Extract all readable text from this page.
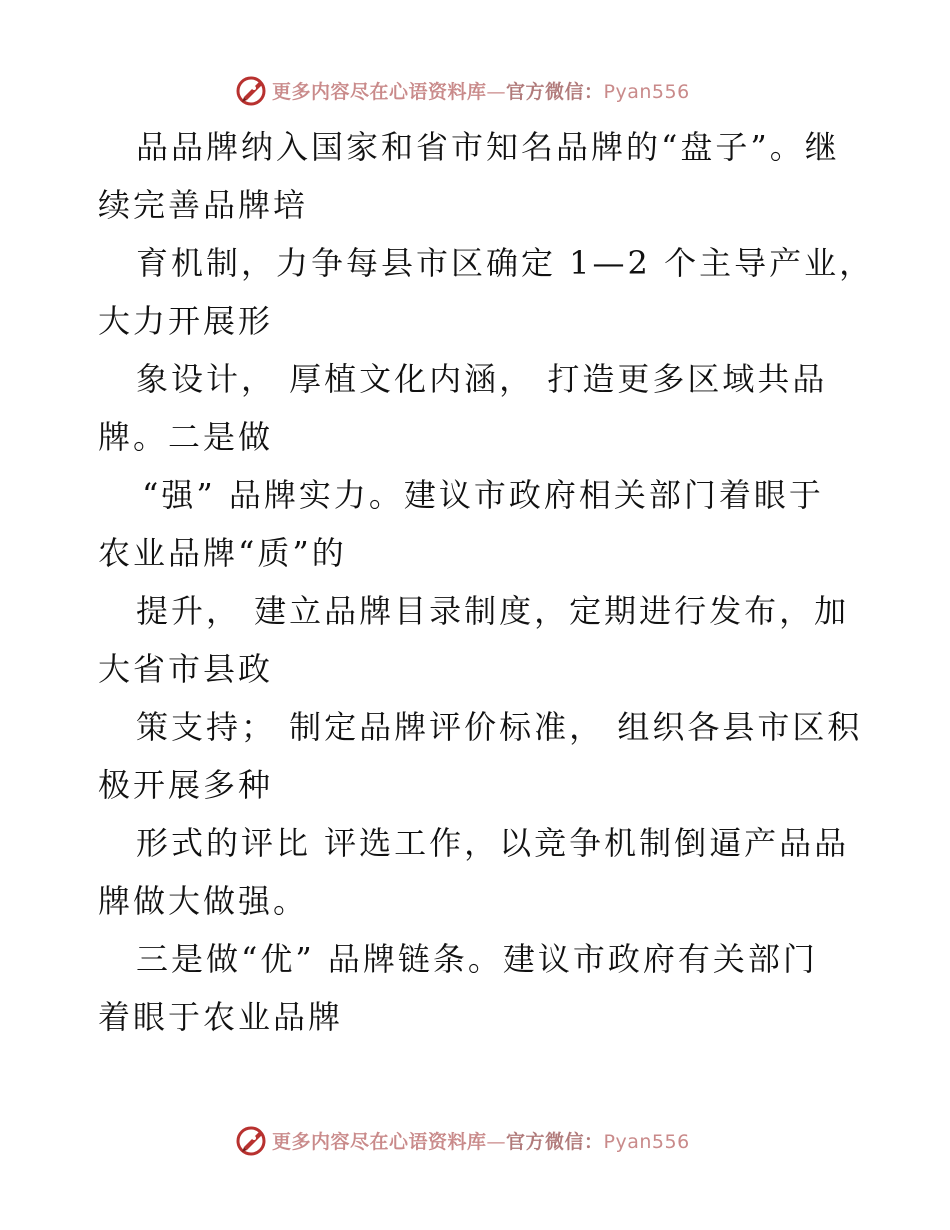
更多内容尽在心语资料库—官方微信：Pyan556
品品牌纳入国家和省市知名品牌的“盘子”。继
续完善品牌培
育机制，力争每县市区确定 1—2 个主导产业，
大力开展形
象设计， 厚植文化内涵， 打造更多区域共品
牌。二是做
“强” 品牌实力。建议市政府相关部门着眼于
农业品牌“质”的
提升， 建立品牌目录制度，定期进行发布，加
大省市县政
策支持； 制定品牌评价标准， 组织各县市区积
极开展多种
形式的评比 评选工作，以竞争机制倒逼产品品
牌做大做强。
三是做“优” 品牌链条。建议市政府有关部门
着眼于农业品牌
更多内容尽在心语资料库—官方微信：Pyan556
